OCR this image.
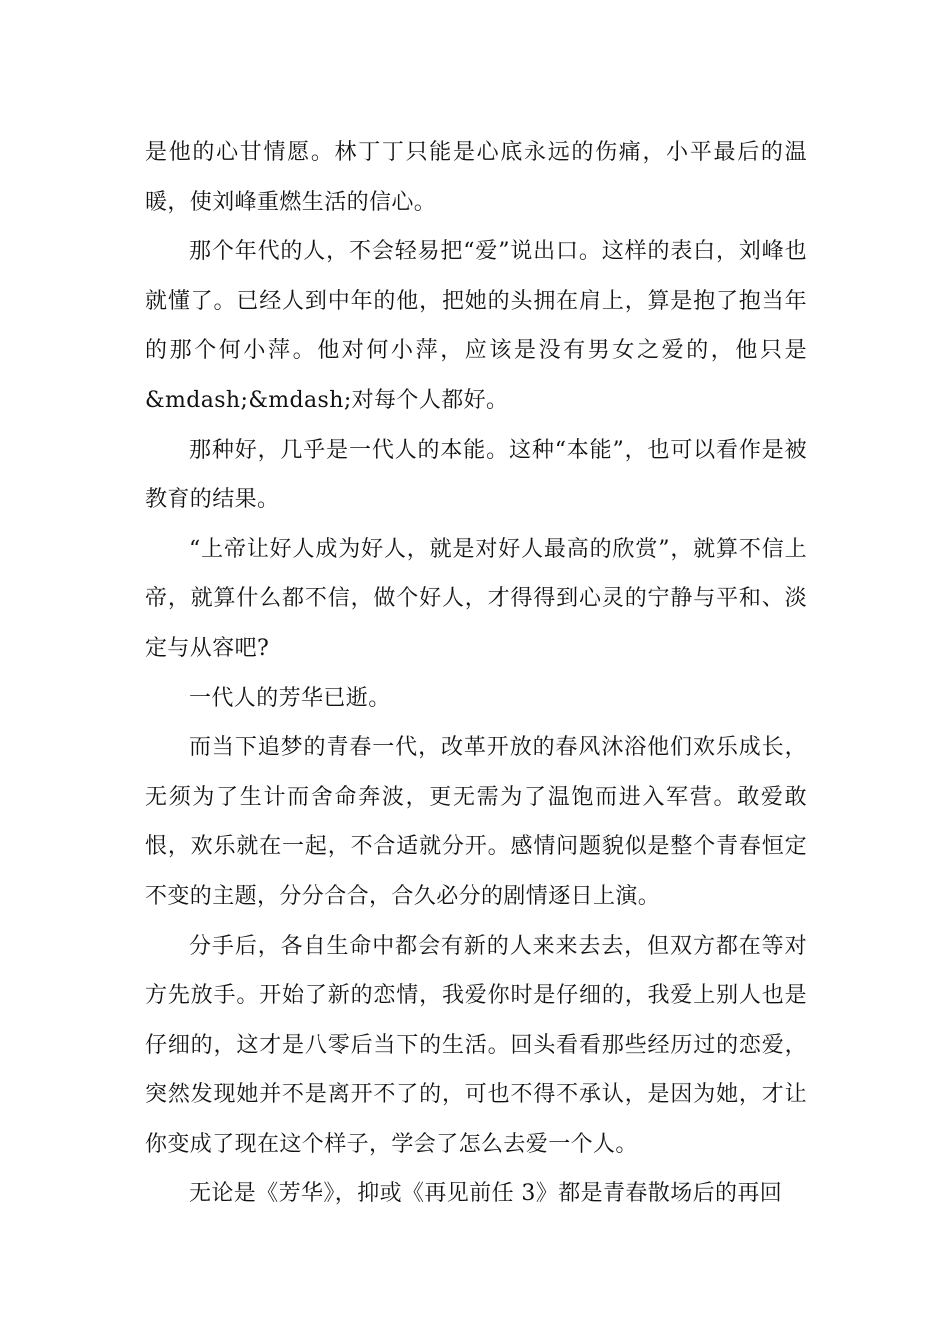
是他的心甘情愿。林丁丁只能是心底永远的伤痛，小平最后的温暖，使刘峰重燃生活的信心。

那个年代的人，不会轻易把“爱”说出口。这样的表白，刘峰也就懂了。已经人到中年的他，把她的头拥在肩上，算是抱了抱当年的那个何小萍。他对何小萍，应该是没有男女之爱的，他只是&mdash;&mdash;对每个人都好。

那种好，几乎是一代人的本能。这种“本能”，也可以看作是被教育的结果。

“上帝让好人成为好人，就是对好人最高的欣赏”，就算不信上帝，就算什么都不信，做个好人，才得得到心灵的宁静与平和、淡定与从容吧?

一代人的芳华已逝。

而当下追梦的青春一代，改革开放的春风沐浴他们欢乐成长，无须为了生计而舍命奔波，更无需为了温饱而进入军营。敢爱敢恨，欢乐就在一起，不合适就分开。感情问题貌似是整个青春恒定不变的主题，分分合合，合久必分的剧情逐日上演。

分手后，各自生命中都会有新的人来来去去，但双方都在等对方先放手。开始了新的恋情，我爱你时是仔细的，我爱上别人也是仔细的，这才是八零后当下的生活。回头看看那些经历过的恋爱，突然发现她并不是离开不了的，可也不得不承认，是因为她，才让你变成了现在这个样子，学会了怎么去爱一个人。

无论是《芳华》，抑或《再见前任 3》都是青春散场后的再回
